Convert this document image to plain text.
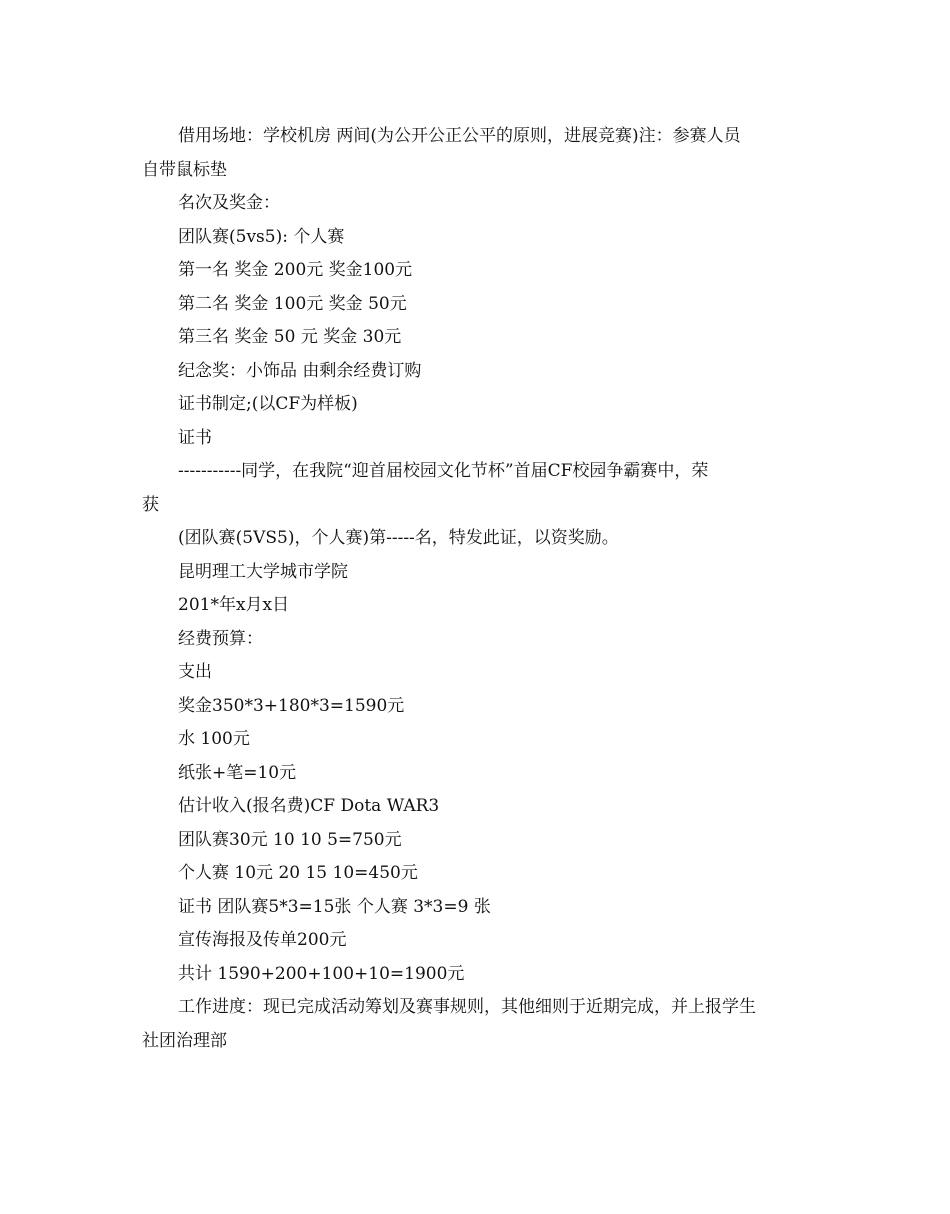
借用场地：学校机房 两间(为公开公正公平的原则，进展竞赛)注：参赛人员
自带鼠标垫
名次及奖金：
团队赛(5vs5): 个人赛
第一名 奖金 200元 奖金100元
第二名 奖金 100元 奖金 50元
第三名 奖金 50 元 奖金 30元
纪念奖：小饰品 由剩余经费订购
证书制定;(以CF为样板)
证书
-----------同学，在我院“迎首届校园文化节杯”首届CF校园争霸赛中，荣
获
(团队赛(5VS5)，个人赛)第-----名，特发此证，以资奖励。
昆明理工大学城市学院
201*年x月x日
经费预算：
支出
奖金350*3+180*3=1590元
水 100元
纸张+笔=10元
估计收入(报名费)CF Dota WAR3
团队赛30元 10 10 5=750元
个人赛 10元 20 15 10=450元
证书 团队赛5*3=15张 个人赛 3*3=9 张
宣传海报及传单200元
共计 1590+200+100+10=1900元
工作进度：现已完成活动筹划及赛事规则，其他细则于近期完成，并上报学生
社团治理部
